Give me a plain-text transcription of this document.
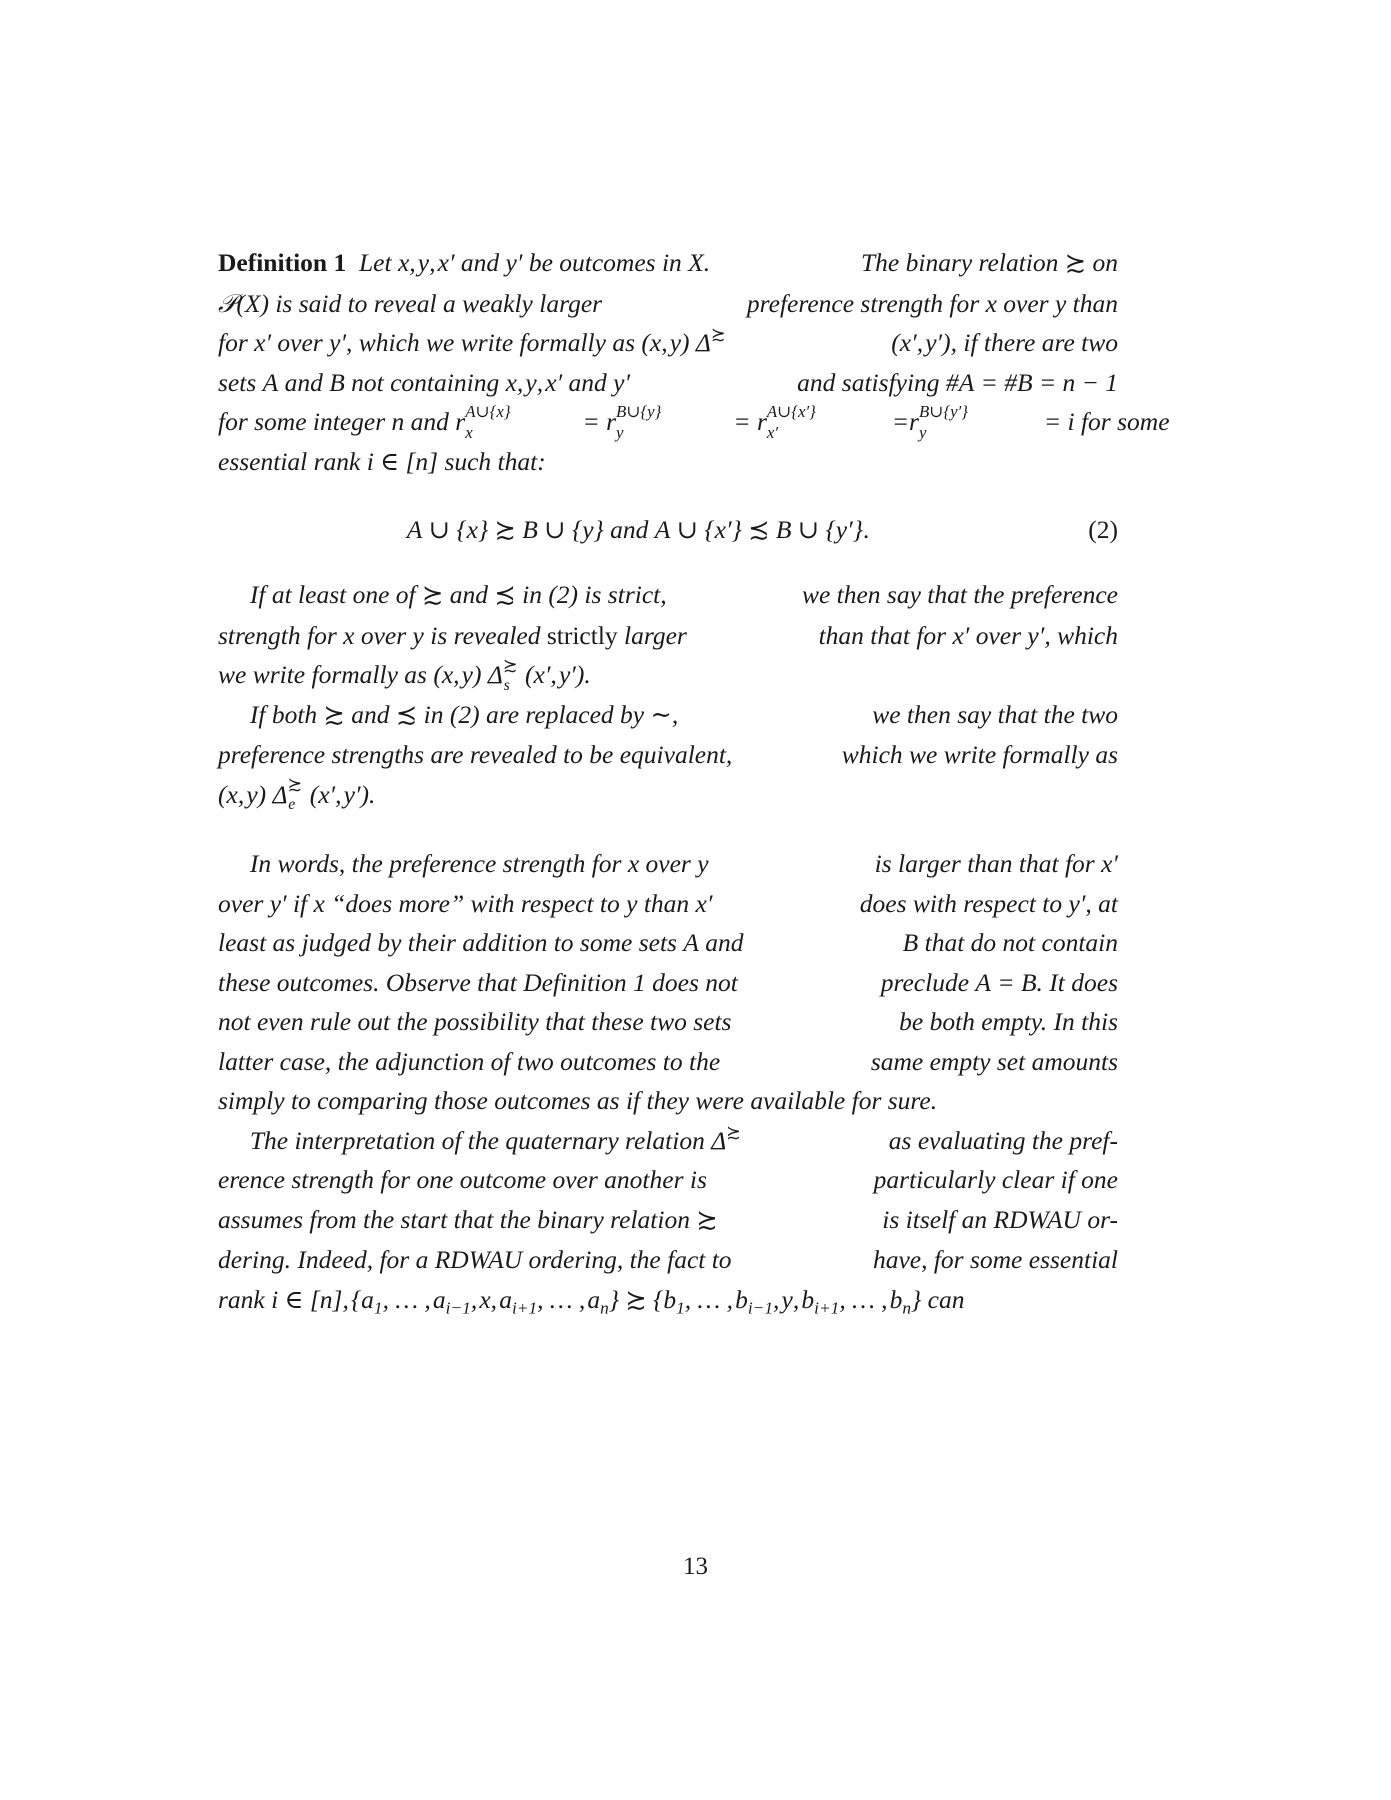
Definition 1  Let x, y, x′ and y′ be outcomes in X.	The binary relation ≿ on
𝒫(X) is said to reveal a weakly larger	preference strength for x over y than
for x′ over y′, which we write formally as (x, y) Δ≿	(x′, y′), if there are two
sets A and B not containing x, y, x′ and y′	and satisfying #A = #B = n − 1
for some integer n and r A∪{x}
x	= r B∪{y}
y	= r A∪{x′}
x′	= r B∪{y′}
y	= i for some
essential rank i ∈ [n] such that:
A ∪ {x} ≿ B ∪ {y} and A ∪ {x′} ≾ B ∪ {y′}.	(2)
If at least one of ≿ and ≾ in (2) is strict,	we then say that the preference
strength for x over y is revealed strictly larger	than that for x′ over y′, which
we write formally as (x, y) Δ ≿
s (x′, y′).
If both ≿ and ≾ in (2) are replaced by ∼,	we then say that the two
preference strengths are revealed to be equivalent,	which we write formally as
(x, y) Δ ≿
e (x′, y′).
In words, the preference strength for x over y	is larger than that for x′
over y′ if x “does more” with respect to y than x′	does with respect to y′, at
least as judged by their addition to some sets A and	B that do not contain
these outcomes. Observe that Definition 1 does not	preclude A = B. It does
not even rule out the possibility that these two sets	be both empty. In this
latter case, the adjunction of two outcomes to the	same empty set amounts
simply to comparing those outcomes as if they were available for sure.
The interpretation of the quaternary relation Δ≿	as evaluating the pref-
erence strength for one outcome over another is	particularly clear if one
assumes from the start that the binary relation ≿	is itself an RDWAU or-
dering. Indeed, for a RDWAU ordering, the fact to	have, for some essential
rank i ∈ [n], {$a_1$, … , $a_{i-1}$, x, $a_{i+1}$, … , $a_n$} ≿ {$b_1$, … , $b_{i-1}$, y, $b_{i+1}$, … , $b_n$} can
13
